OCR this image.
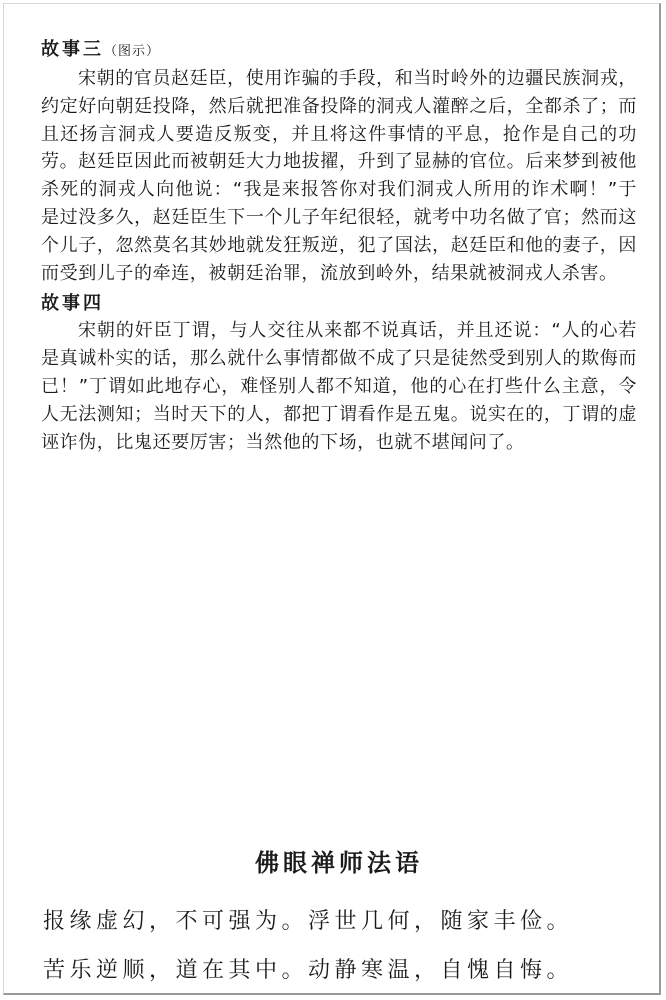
故事三（图示）

宋朝的官员赵廷臣，使用诈骗的手段，和当时岭外的边疆民族洞戎，约定好向朝廷投降，然后就把准备投降的洞戎人灌醉之后，全都杀了；而且还扬言洞戎人要造反叛变，并且将这件事情的平息，抢作是自己的功劳。赵廷臣因此而被朝廷大力地拔擢，升到了显赫的官位。后来梦到被他杀死的洞戎人向他说：“我是来报答你对我们洞戎人所用的诈术啊！”于是过没多久，赵廷臣生下一个儿子年纪很轻，就考中功名做了官；然而这个儿子，忽然莫名其妙地就发狂叛逆，犯了国法，赵廷臣和他的妻子，因而受到儿子的牵连，被朝廷治罪，流放到岭外，结果就被洞戎人杀害。

故事四

宋朝的奸臣丁谓，与人交往从来都不说真话，并且还说：“人的心若是真诚朴实的话，那么就什么事情都做不成了只是徒然受到别人的欺侮而已！”丁谓如此地存心，难怪别人都不知道，他的心在打些什么主意，令人无法测知；当时天下的人，都把丁谓看作是五鬼。说实在的，丁谓的虚诬诈伪，比鬼还要厉害；当然他的下场，也就不堪闻问了。

佛眼禅师法语

报缘虚幻，不可强为。浮世几何，随家丰俭。

苦乐逆顺，道在其中。动静寒温，自愧自悔。
